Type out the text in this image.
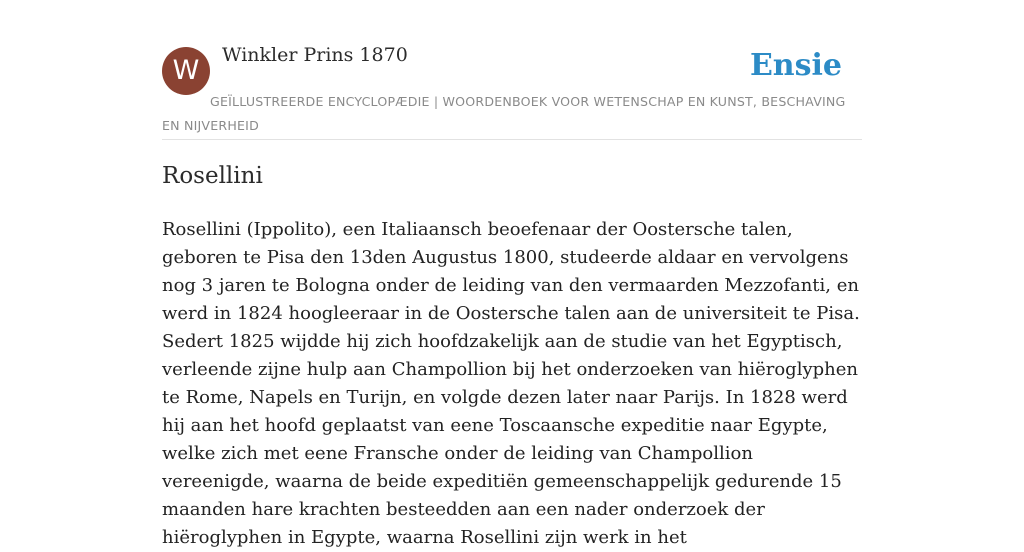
W	Winkler Prins 1870	Ensie
GEÏLLUSTREERDE ENCYCLOPÆDIE | WOORDENBOEK VOOR WETENSCHAP EN KUNST, BESCHAVING EN NIJVERHEID
Rosellini

Rosellini (Ippolito), een Italiaansch beoefenaar der Oostersche talen, geboren te Pisa den 13den Augustus 1800, studeerde aldaar en vervolgens nog 3 jaren te Bologna onder de leiding van den vermaarden Mezzofanti, en werd in 1824 hoogleeraar in de Oostersche talen aan de universiteit te Pisa. Sedert 1825 wijdde hij zich hoofdzakelijk aan de studie van het Egyptisch, verleende zijne hulp aan Champollion bij het onderzoeken van hiëroglyphen te Rome, Napels en Turijn, en volgde dezen later naar Parijs. In 1828 werd hij aan het hoofd geplaatst van eene Toscaansche expeditie naar Egypte, welke zich met eene Fransche onder de leiding van Champollion vereenigde, waarna de beide expeditiën gemeenschappelijk gedurende 15 maanden hare krachten besteedden aan een nader onderzoek der hiëroglyphen in Egypte, waarna Rosellini zijn werk in het
